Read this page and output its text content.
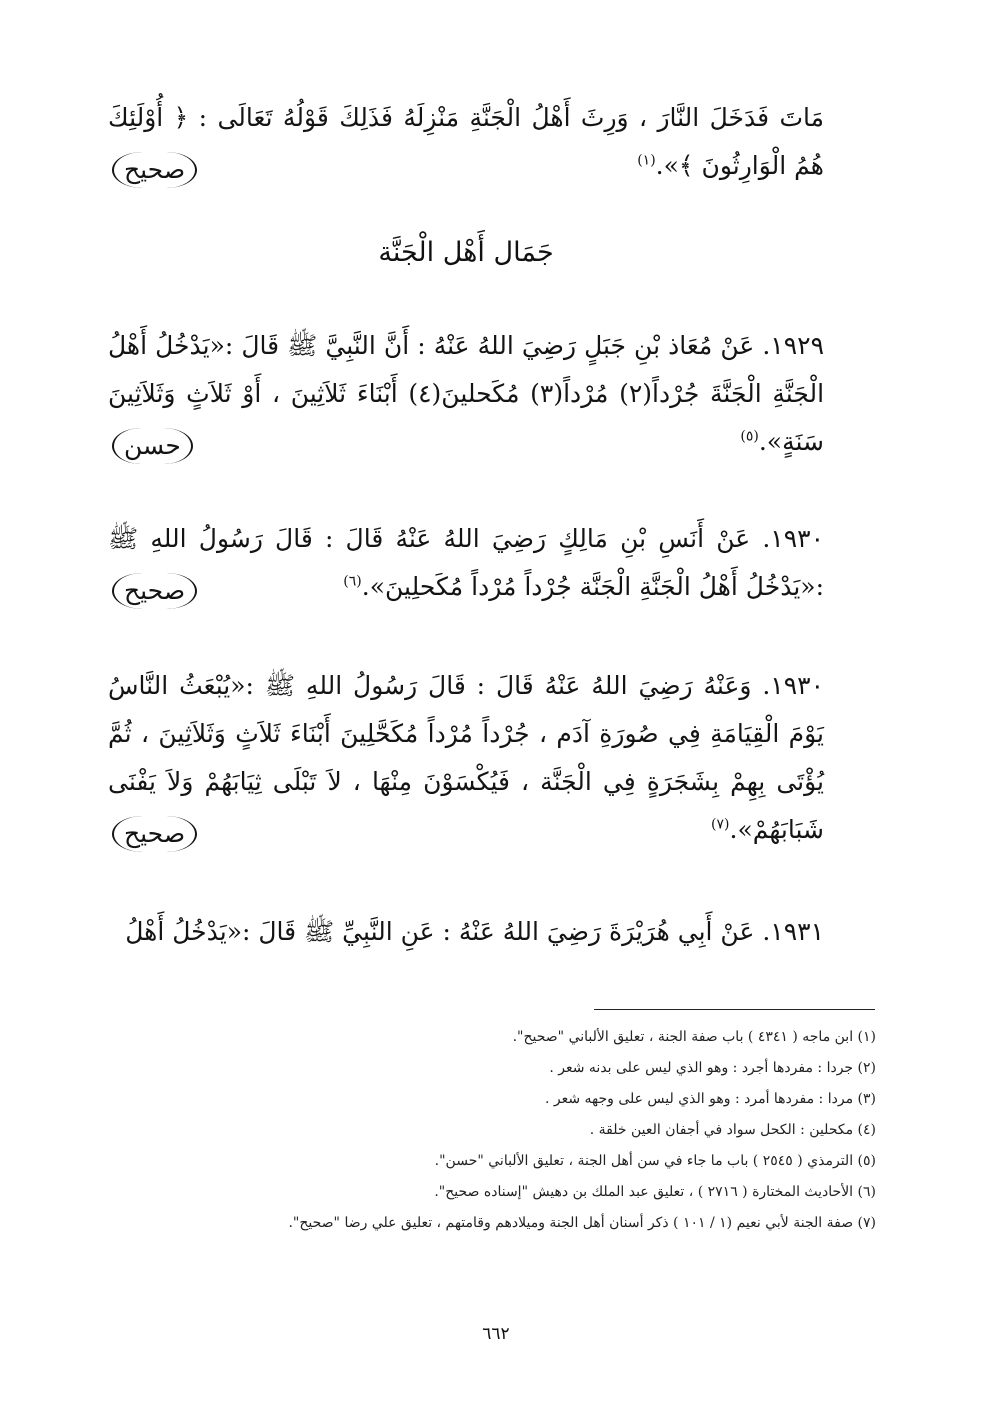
مَاتَ فَدَخَلَ النَّارَ ، وَرِثَ أَهْلُ الْجَنَّةِ مَنْزِلَهُ فَذَلِكَ قَوْلُهُ تَعَالَى : ﴿ أُوْلَئِكَ هُمُ الْوَارِثُونَ ﴾».$^{(١)}$
صحيح

جَمَال أَهْل الْجَنَّة

١٩٢٩. عَنْ مُعَاذ بْنِ جَبَلٍ رَضِيَ اللهُ عَنْهُ : أَنَّ النَّبِيَّ ﷺ قَالَ :«يَدْخُلُ أَهْلُ الْجَنَّةِ الْجَنَّةَ جُرْداً(٢) مُرْداً(٣) مُكَحلينَ(٤) أَبْنَاءَ ثَلاَثِينَ ، أَوْ ثَلاَثٍ وَثَلاَثِينَ سَنَةٍ».$^{(٥)}$
حسن

١٩٣٠. عَنْ أَنَسِ بْنِ مَالِكٍ رَضِيَ اللهُ عَنْهُ قَالَ : قَالَ رَسُولُ اللهِ ﷺ :«يَدْخُلُ أَهْلُ الْجَنَّةِ الْجَنَّة جُرْداً مُرْداً مُكَحلِينَ».$^{(٦)}$
صحيح

١٩٣٠. وَعَنْهُ رَضِيَ اللهُ عَنْهُ قَالَ : قَالَ رَسُولُ اللهِ ﷺ :«يُبْعَثُ النَّاسُ يَوْمَ الْقِيَامَةِ فِي صُورَةِ آدَم ، جُرْداً مُرْداً مُكَحَّلِينَ أَبْنَاءَ ثَلاَثٍ وَثَلاَثِينَ ، ثُمَّ يُؤْتَى بِهِمْ بِشَجَرَةٍ فِي الْجَنَّة ، فَيُكْسَوْنَ مِنْهَا ، لاَ تَبْلَى ثِيَابَهُمْ وَلاَ يَفْنَى شَبَابَهُمْ».$^{(٧)}$
صحيح

١٩٣١. عَنْ أَبِي هُرَيْرَةَ رَضِيَ اللهُ عَنْهُ : عَنِ النَّبِيِّ ﷺ قَالَ :«يَدْخُلُ أَهْلُ

(١) ابن ماجه ( ٤٣٤١ ) باب صفة الجنة ، تعليق الألباني "صحيح".
(٢) جردا : مفردها أجرد : وهو الذي ليس على بدنه شعر .
(٣) مردا : مفردها أمرد : وهو الذي ليس على وجهه شعر .
(٤) مكحلين : الكحل سواد في أجفان العين خلقة .
(٥) الترمذي ( ٢٥٤٥ ) باب ما جاء في سن أهل الجنة ، تعليق الألباني "حسن".
(٦) الأحاديث المختارة ( ٢٧١٦ ) ، تعليق عبد الملك بن دهيش "إسناده صحيح".
(٧) صفة الجنة لأبي نعيم (١ / ١٠١ ) ذكر أسنان أهل الجنة وميلادهم وقامتهم ، تعليق علي رضا "صحيح".
٦٦٢
